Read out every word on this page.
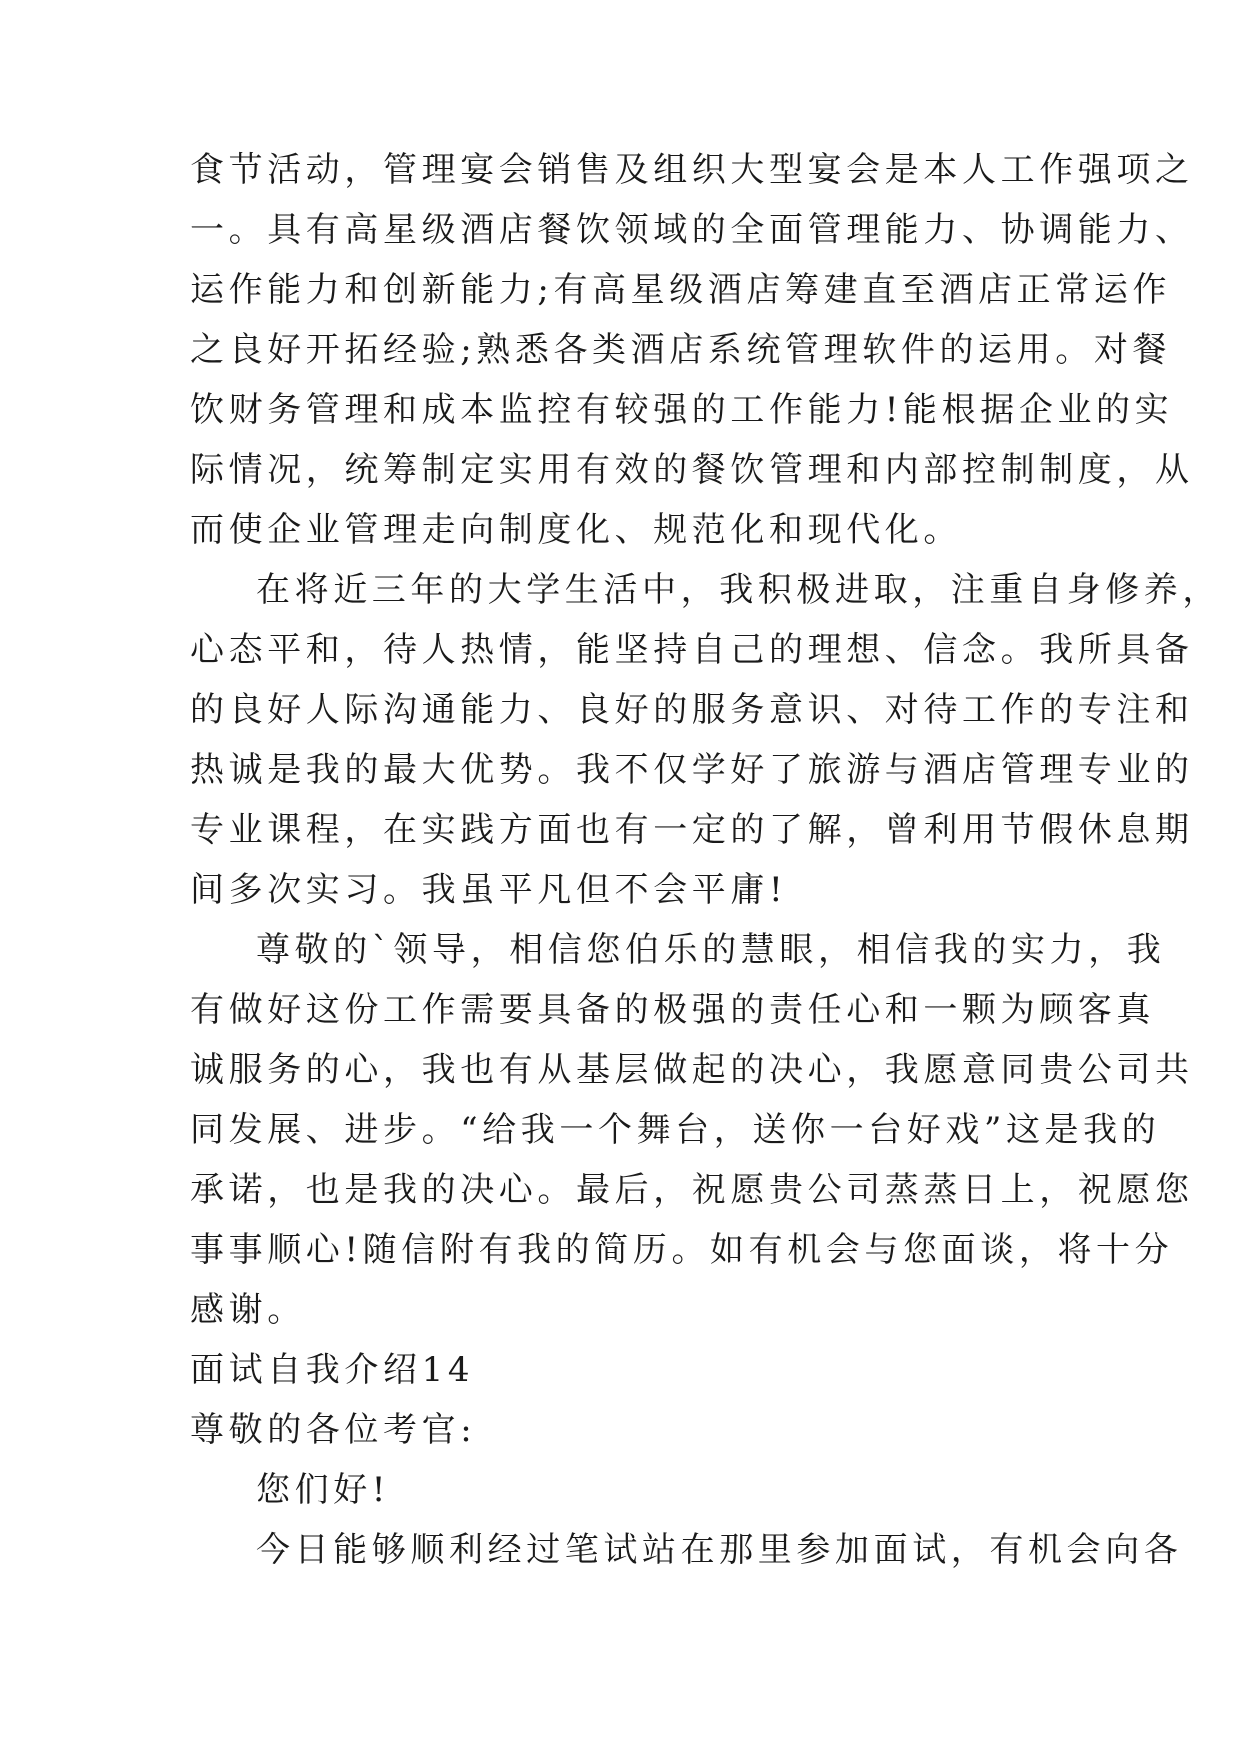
食节活动，管理宴会销售及组织大型宴会是本人工作强项之
一。具有高星级酒店餐饮领域的全面管理能力、协调能力、
运作能力和创新能力;有高星级酒店筹建直至酒店正常运作
之良好开拓经验;熟悉各类酒店系统管理软件的运用。对餐
饮财务管理和成本监控有较强的工作能力!能根据企业的实
际情况，统筹制定实用有效的餐饮管理和内部控制制度，从
而使企业管理走向制度化、规范化和现代化。
在将近三年的大学生活中，我积极进取，注重自身修养，
心态平和，待人热情，能坚持自己的理想、信念。我所具备
的良好人际沟通能力、良好的服务意识、对待工作的专注和
热诚是我的最大优势。我不仅学好了旅游与酒店管理专业的
专业课程，在实践方面也有一定的了解，曾利用节假休息期
间多次实习。我虽平凡但不会平庸!
尊敬的`领导，相信您伯乐的慧眼，相信我的实力，我
有做好这份工作需要具备的极强的责任心和一颗为顾客真
诚服务的心，我也有从基层做起的决心，我愿意同贵公司共
同发展、进步。“给我一个舞台，送你一台好戏”这是我的
承诺，也是我的决心。最后，祝愿贵公司蒸蒸日上，祝愿您
事事顺心!随信附有我的简历。如有机会与您面谈，将十分
感谢。
面试自我介绍14
尊敬的各位考官:
您们好!
今日能够顺利经过笔试站在那里参加面试，有机会向各
